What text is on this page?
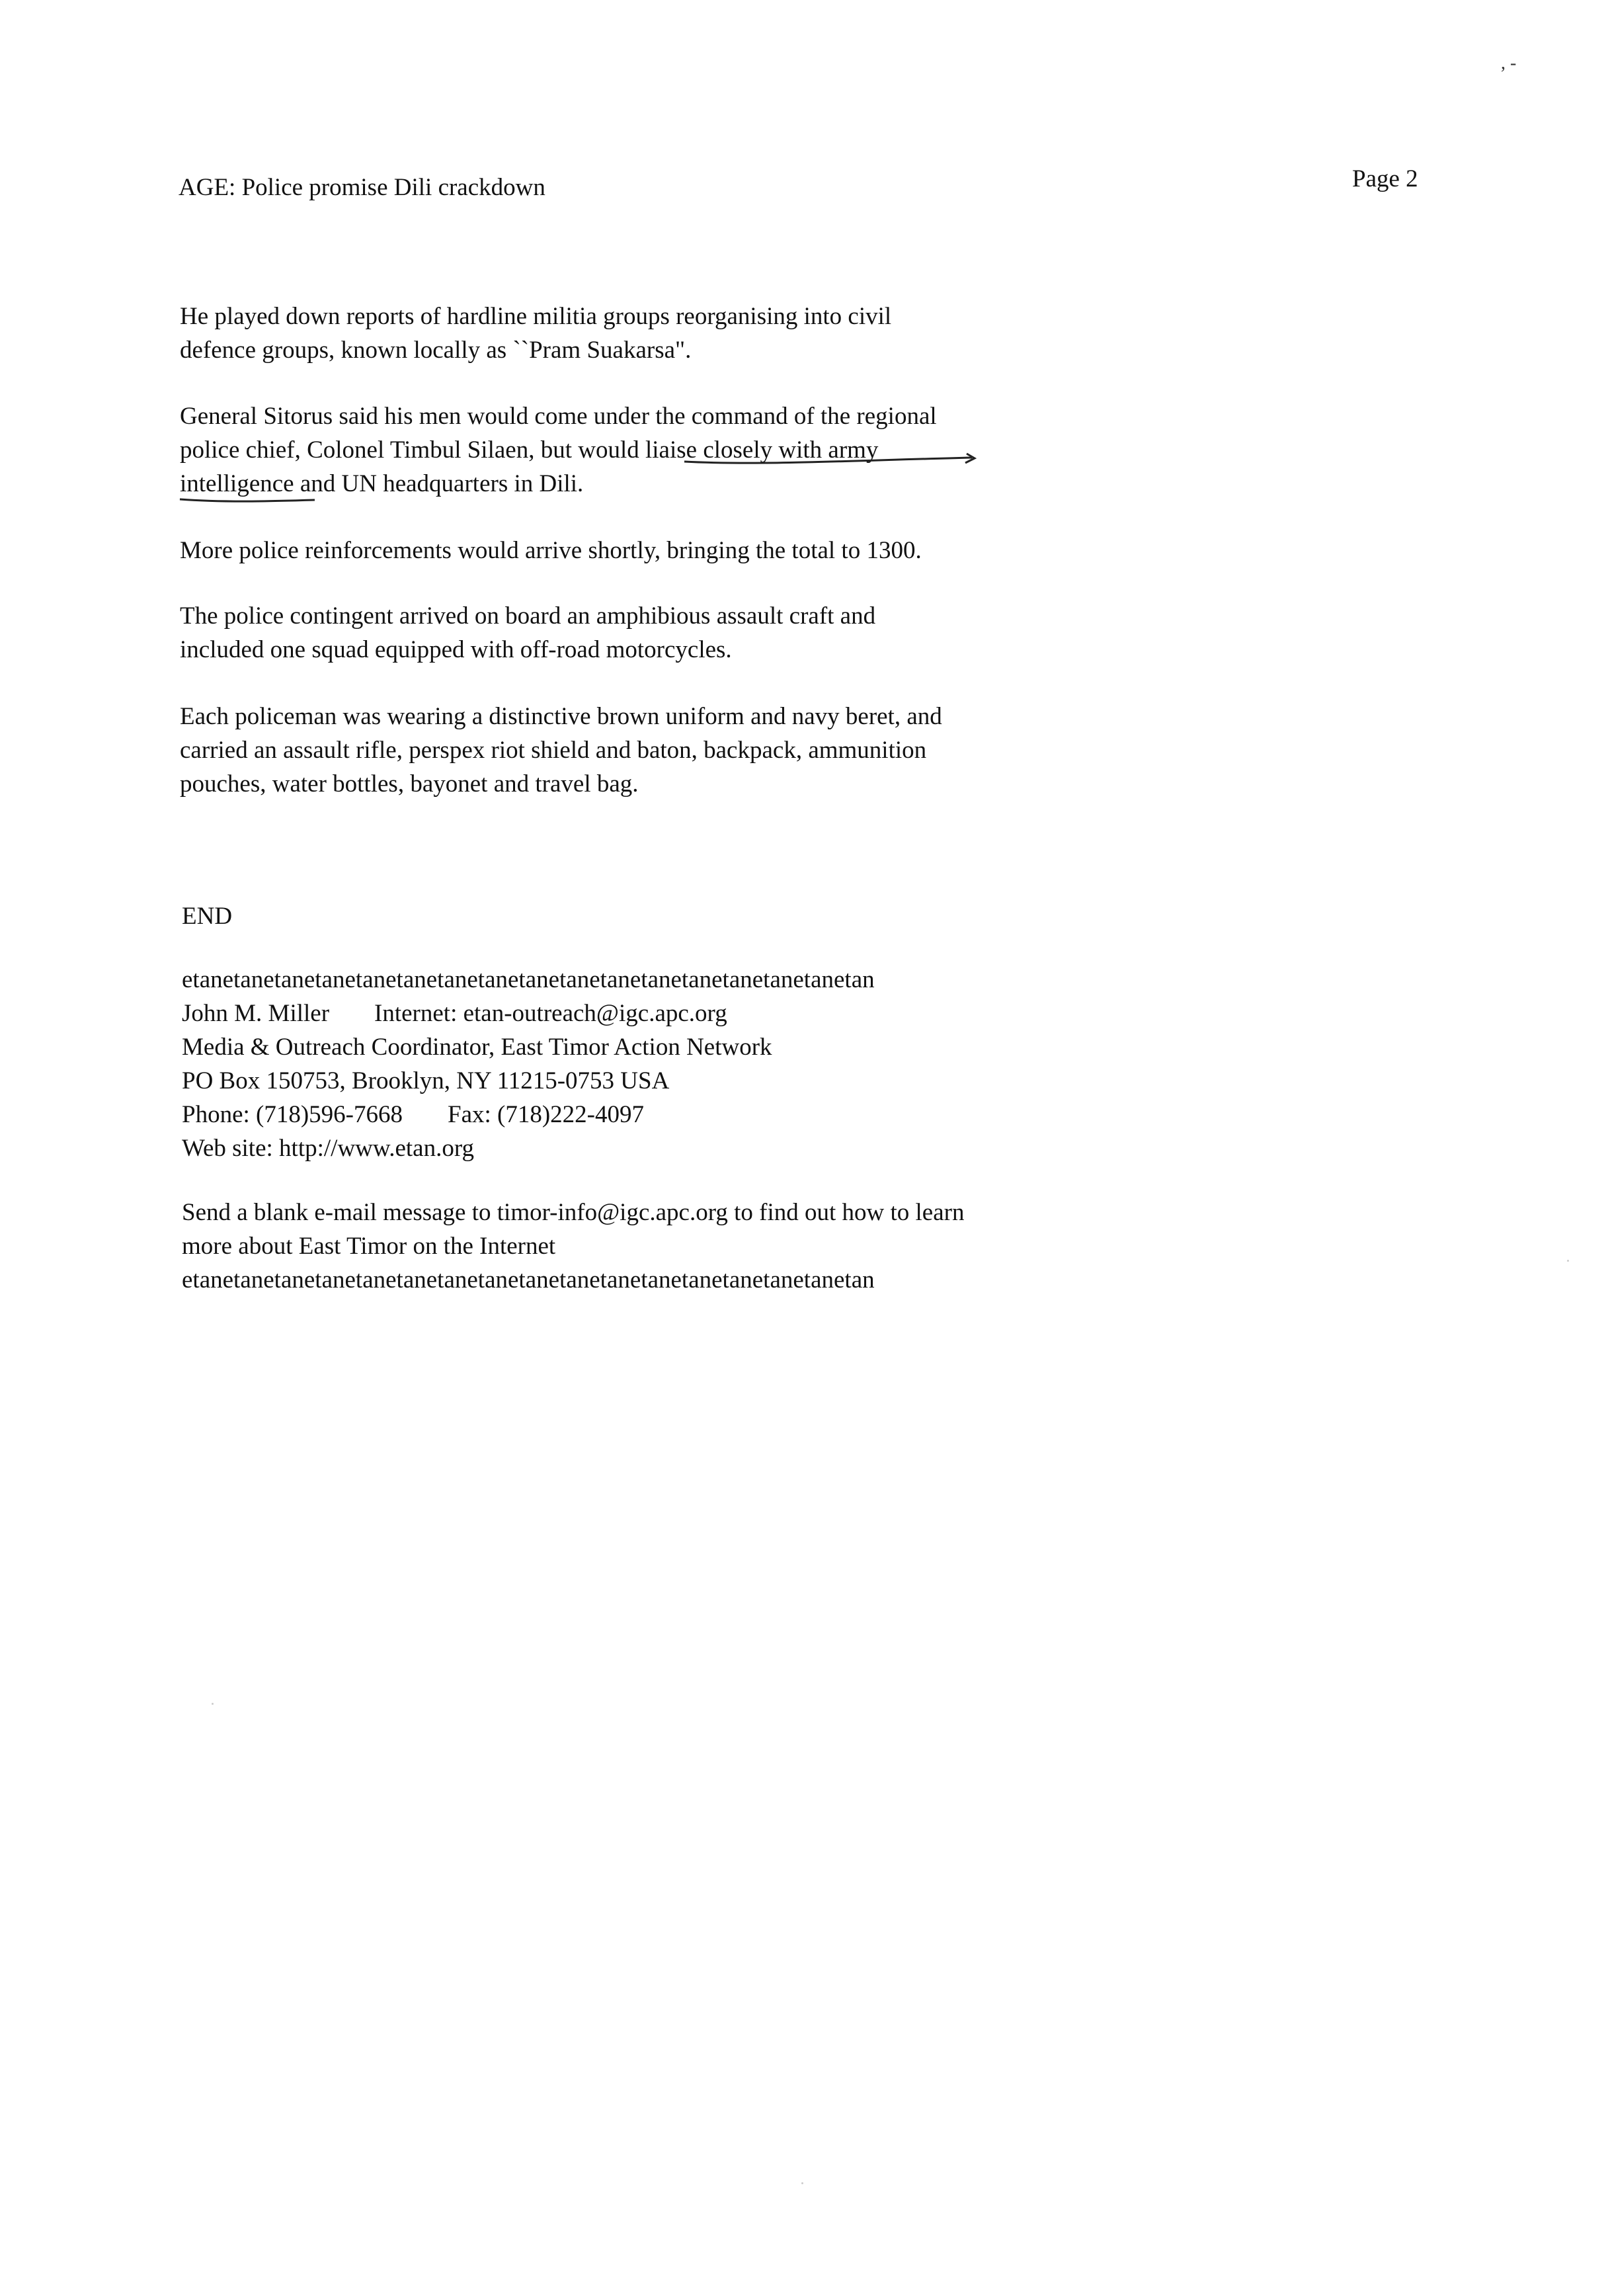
, -
AGE: Police promise Dili crackdown	Page 2
He played down reports of hardline militia groups reorganising into civil
defence groups, known locally as ``Pram Suakarsa".
General Sitorus said his men would come under the command of the regional
police chief, Colonel Timbul Silaen, but would liaise closely with army
intelligence and UN headquarters in Dili.
More police reinforcements would arrive shortly, bringing the total to 1300.
The police contingent arrived on board an amphibious assault craft and
included one squad equipped with off-road motorcycles.
Each policeman was wearing a distinctive brown uniform and navy beret, and
carried an assault rifle, perspex riot shield and baton, backpack, ammunition
pouches, water bottles, bayonet and travel bag.
END
etanetanetanetanetanetanetanetanetanetanetanetanetanetanetanetanetan
John M. Miller Internet: etan-outreach@igc.apc.org
Media & Outreach Coordinator, East Timor Action Network
PO Box 150753, Brooklyn, NY 11215-0753 USA
Phone: (718)596-7668 Fax: (718)222-4097
Web site: http://www.etan.org
Send a blank e-mail message to timor-info@igc.apc.org to find out how to learn
more about East Timor on the Internet
etanetanetanetanetanetanetanetanetanetanetanetanetanetanetanetanetan
